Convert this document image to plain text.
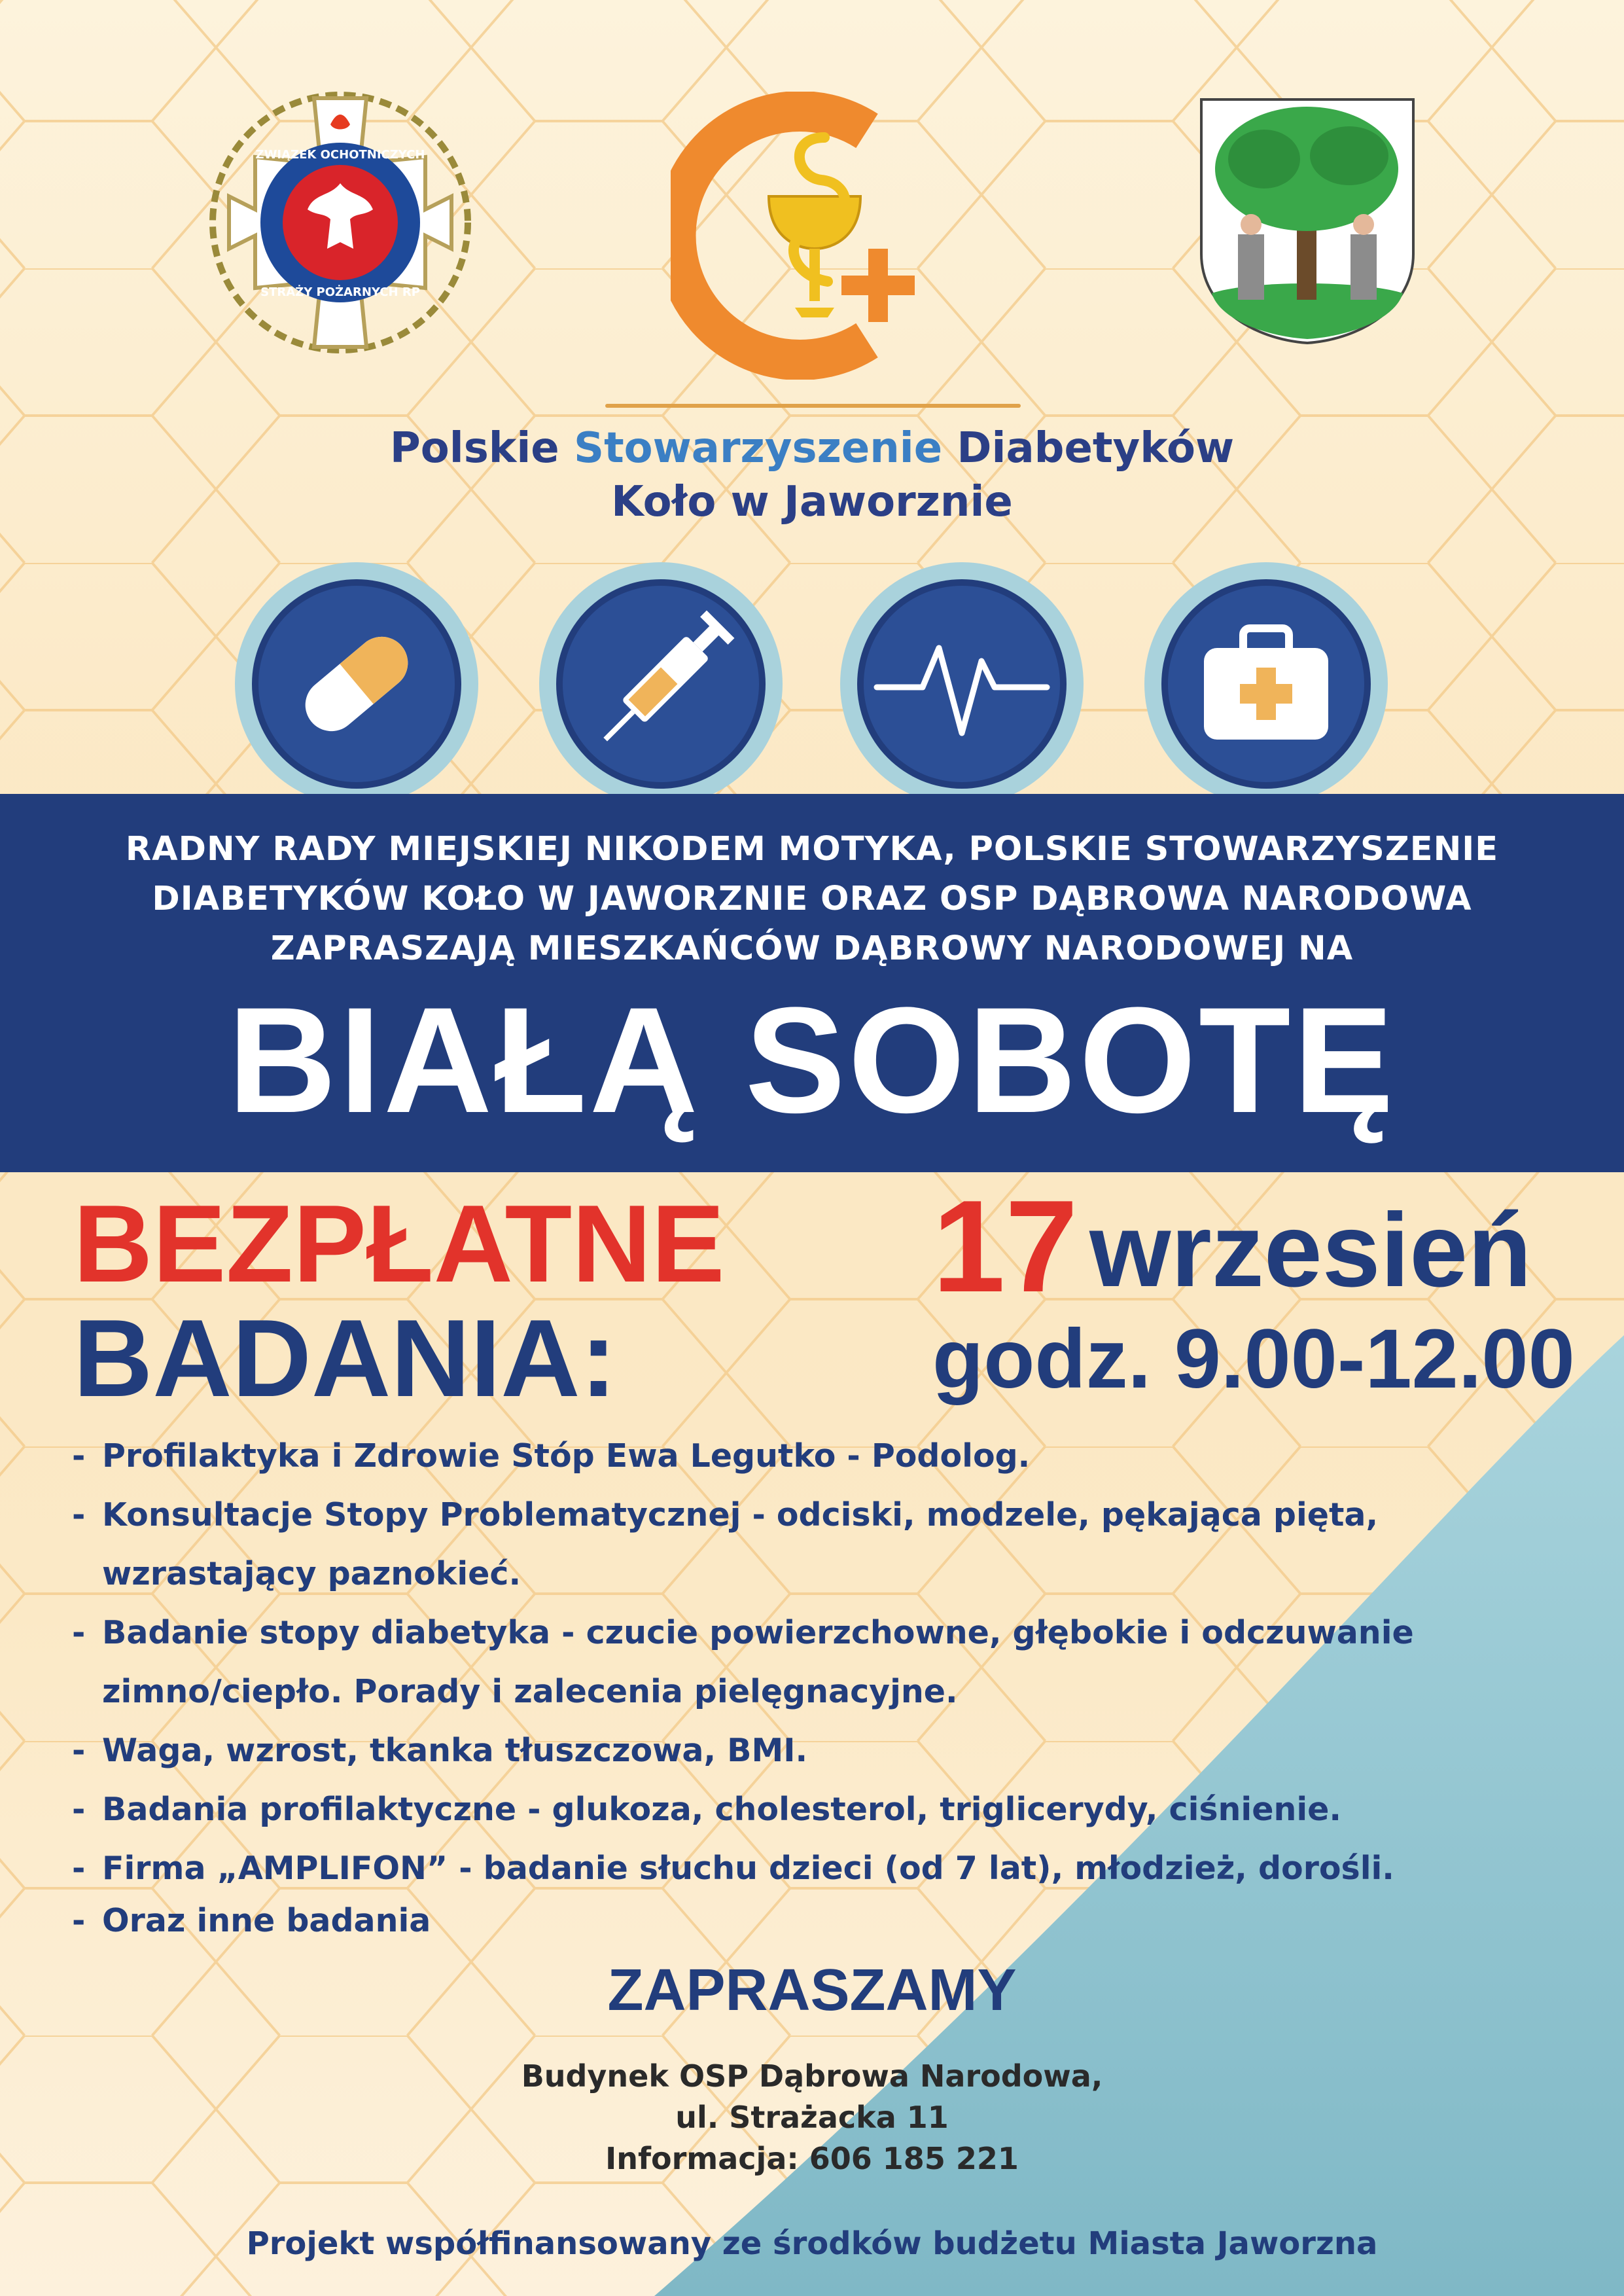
ZWIĄZEK OCHOTNICZYCH
STRAŻY POŻARNYCH RP
Polskie Stowarzyszenie Diabetyków
Koło w Jaworznie
RADNY RADY MIEJSKIEJ NIKODEM MOTYKA, POLSKIE STOWARZYSZENIE
DIABETYKÓW KOŁO W JAWORZNIE ORAZ OSP DĄBROWA NARODOWA
ZAPRASZAJĄ MIESZKAŃCÓW DĄBROWY NARODOWEJ NA
BIAŁĄ SOBOTĘ
BEZPŁATNE
BADANIA:
17 wrzesień
godz. 9.00-12.00
- Profilaktyka i Zdrowie Stóp Ewa Legutko - Podolog.
- Konsultacje Stopy Problematycznej - odciski, modzele, pękająca pięta, wzrastający paznokieć.
- Badanie stopy diabetyka - czucie powierzchowne, głębokie i odczuwanie zimno/ciepło. Porady i zalecenia pielęgnacyjne.
- Waga, wzrost, tkanka tłuszczowa, BMI.
- Badania profilaktyczne - glukoza, cholesterol, triglicerydy, ciśnienie.
- Firma „AMPLIFON” - badanie słuchu dzieci (od 7 lat), młodzież, dorośli.
- Oraz inne badania
ZAPRASZAMY
Budynek OSP Dąbrowa Narodowa,
ul. Strażacka 11
Informacja: 606 185 221
Projekt współfinansowany ze środków budżetu Miasta Jaworzna
